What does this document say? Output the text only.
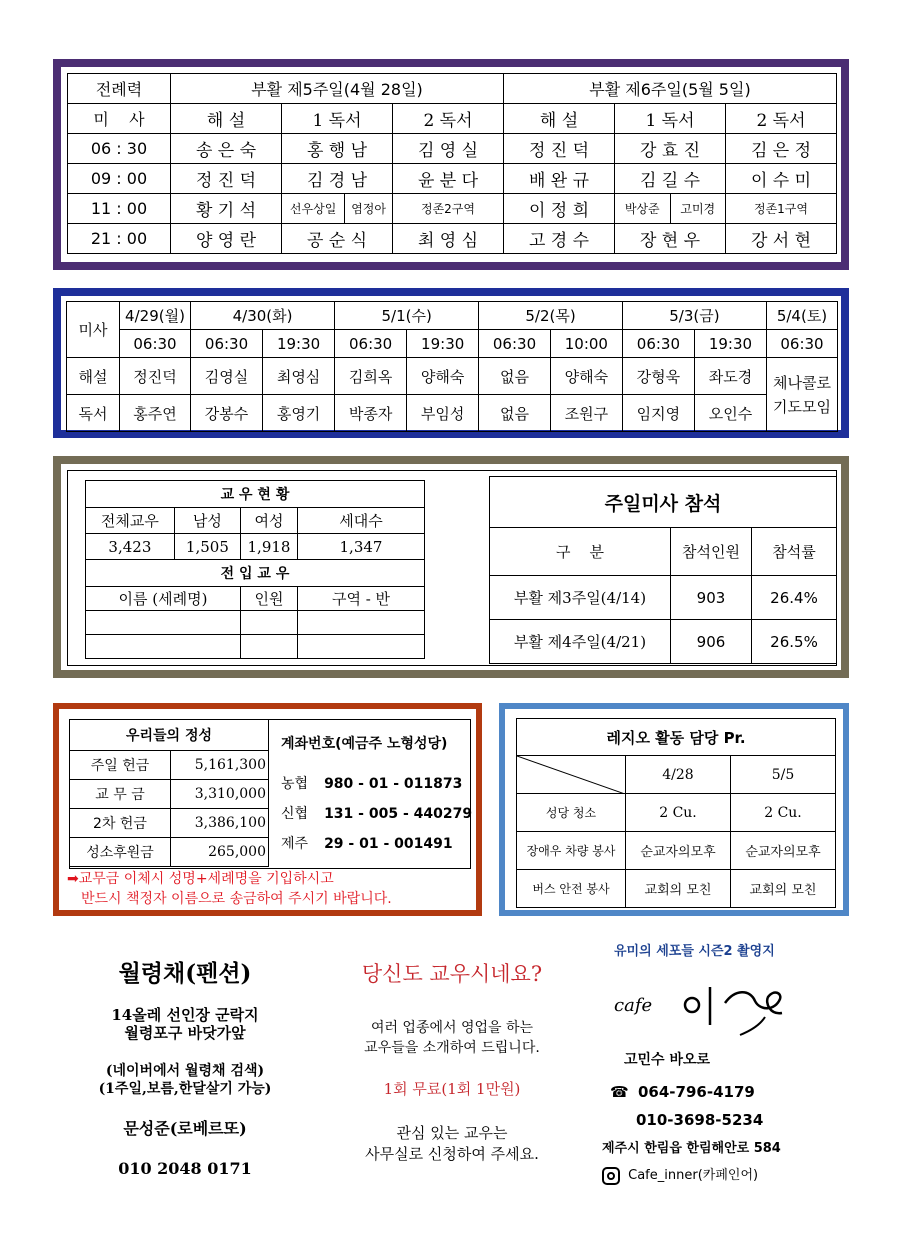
전례력	부활 제5주일(4월 28일)				부활 제6주일(5월 5일)			
미    사	해 설	1 독서		2 독서	해 설	1 독서		2 독서
06 : 30	송 은 숙	홍 행 남		김 영 실	정 진 덕	강 효 진		김 은 정
09 : 00	정 진 덕	김 경 남		윤 분 다	배 완 규	김 길 수		이 수 미
11 : 00	황 기 석	선우상일	염정아	정존2구역	이 정 희	박상준	고미경	정존1구역
21 : 00	양 영 란	공 순 식		최 영 심	고 경 수	장 현 우		강 서 현
미사	4/29(월)	4/30(화)		5/1(수)		5/2(목)		5/3(금)		5/4(토)
	06:30	06:30	19:30	06:30	19:30	06:30	10:00	06:30	19:30	06:30
해설	정진덕	김영실	최영심	김희옥	양해숙	없음	양해숙	강형욱	좌도경	체나콜로 기도모임
독서	홍주연	강봉수	홍영기	박종자	부임성	없음	조원구	임지영	오인수	
교 우 현 황			
전체교우	남성	여성	세대수
3,423	1,505	1,918	1,347
전 입 교 우			
이름 (세례명)		인원	구역 - 반

주일미사 참석		
구    분	참석인원	참석률
부활 제3주일(4/14)	903	26.4%
부활 제4주일(4/21)	906	26.5%
우리들의 정성	
주일 헌금	5,161,300
교 무 금	3,310,000
2차 헌금	3,386,100
성소후원금	265,000
계좌번호(예금주 노형성당)
농협 980 - 01 - 011873
신협 131 - 005 - 440279
제주 29 - 01 - 001491
➡교무금 이체시 성명+세례명을 기입하시고
반드시 책정자 이름으로 송금하여 주시기 바랍니다.
레지오 활동 담당 Pr.		

	4/28	5/5
성당 청소	2 Cu.	2 Cu.
장애우 차량 봉사	순교자의모후	순교자의모후
버스 안전 봉사	교회의 모친	교회의 모친
월령채(펜션)
14올레 선인장 군락지
월령포구 바닷가앞
(네이버에서 월령채 검색)
(1주일,보름,한달살기 가능)
문성준(로베르또)
010 2048 0171
당신도 교우시네요?
여러 업종에서 영업을 하는
교우들을 소개하여 드립니다.
1회 무료(1회 1만원)
관심 있는 교우는
사무실로 신청하여 주세요.
유미의 세포들 시즌2 촬영지
cafe
고민수 바오로
☎ 064-796-4179
010-3698-5234
제주시 한림읍 한림해안로 584
Cafe_inner(카페인어)
